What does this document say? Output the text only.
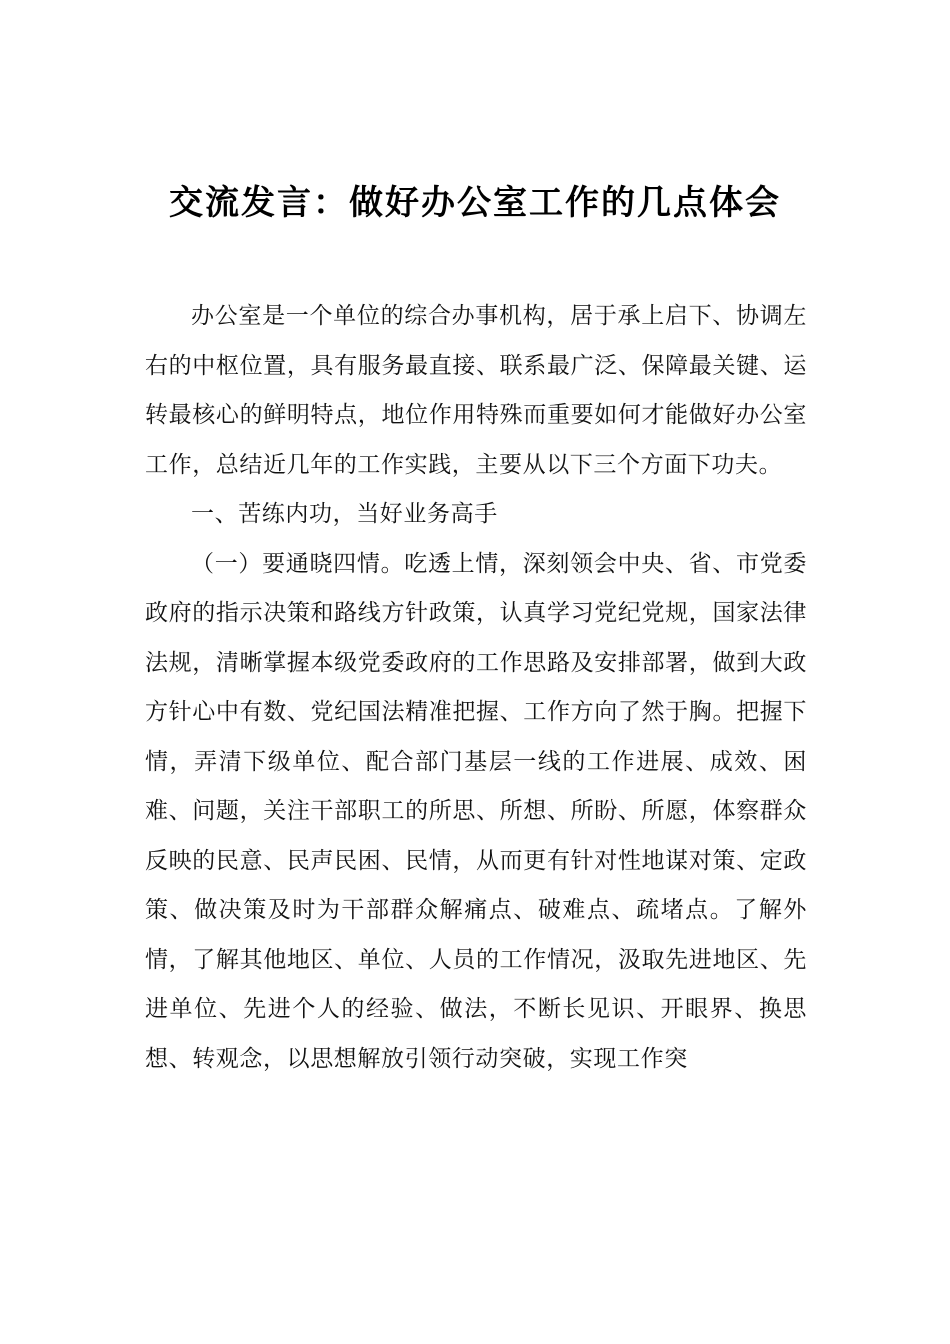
交流发言：做好办公室工作的几点体会

办公室是一个单位的综合办事机构，居于承上启下、协调左右的中枢位置，具有服务最直接、联系最广泛、保障最关键、运转最核心的鲜明特点，地位作用特殊而重要如何才能做好办公室工作，总结近几年的工作实践，主要从以下三个方面下功夫。

一、苦练内功，当好业务高手

（一）要通晓四情。吃透上情，深刻领会中央、省、市党委政府的指示决策和路线方针政策，认真学习党纪党规，国家法律法规，清晰掌握本级党委政府的工作思路及安排部署，做到大政方针心中有数、党纪国法精准把握、工作方向了然于胸。把握下情，弄清下级单位、配合部门基层一线的工作进展、成效、困难、问题，关注干部职工的所思、所想、所盼、所愿，体察群众反映的民意、民声民困、民情，从而更有针对性地谋对策、定政策、做决策及时为干部群众解痛点、破难点、疏堵点。了解外情，了解其他地区、单位、人员的工作情况，汲取先进地区、先进单位、先进个人的经验、做法，不断长见识、开眼界、换思想、转观念，以思想解放引领行动突破，实现工作突
